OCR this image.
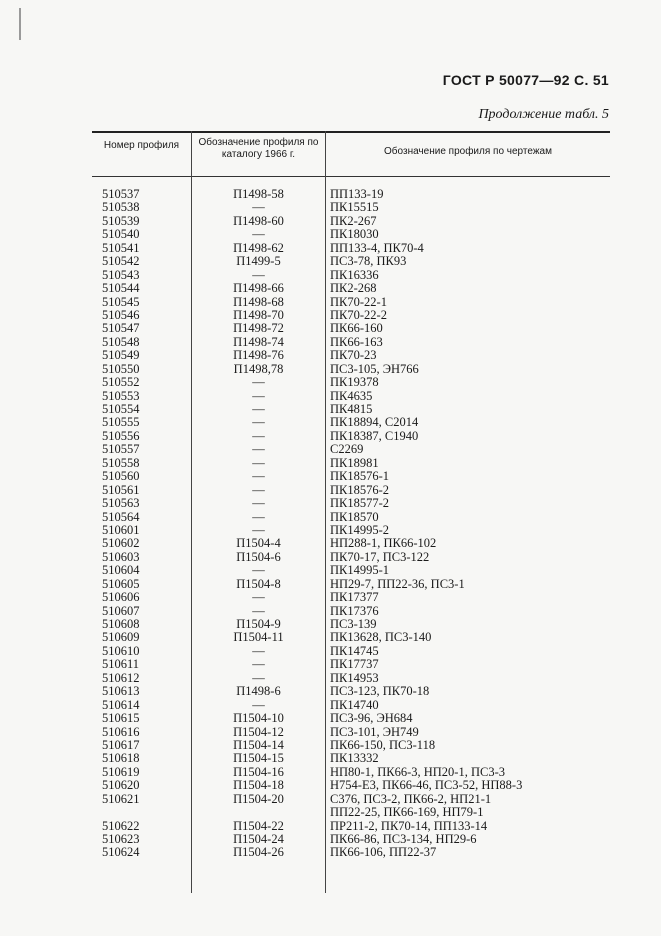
ГОСТ Р 50077—92 С. 51
Продолжение табл. 5
Номер профиля	Обозначение профиля по каталогу 1966 г.	Обозначение профиля по чертежам
510537	П1498-58	ПП133-19
510538	—	ПК15515
510539	П1498-60	ПК2-267
510540	—	ПК18030
510541	П1498-62	ПП133-4, ПК70-4
510542	П1499-5	ПС3-78, ПК93
510543	—	ПК16336
510544	П1498-66	ПК2-268
510545	П1498-68	ПК70-22-1
510546	П1498-70	ПК70-22-2
510547	П1498-72	ПК66-160
510548	П1498-74	ПК66-163
510549	П1498-76	ПК70-23
510550	П1498,78	ПС3-105, ЭН766
510552	—	ПК19378
510553	—	ПК4635
510554	—	ПК4815
510555	—	ПК18894, С2014
510556	—	ПК18387, С1940
510557	—	С2269
510558	—	ПК18981
510560	—	ПК18576-1
510561	—	ПК18576-2
510563	—	ПК18577-2
510564	—	ПК18570
510601	—	ПК14995-2
510602	П1504-4	НП288-1, ПК66-102
510603	П1504-6	ПК70-17, ПС3-122
510604	—	ПК14995-1
510605	П1504-8	НП29-7, ПП22-36, ПС3-1
510606	—	ПК17377
510607	—	ПК17376
510608	П1504-9	ПС3-139
510609	П1504-11	ПК13628, ПС3-140
510610	—	ПК14745
510611	—	ПК17737
510612	—	ПК14953
510613	П1498-6	ПС3-123, ПК70-18
510614	—	ПК14740
510615	П1504-10	ПС3-96, ЭН684
510616	П1504-12	ПС3-101, ЭН749
510617	П1504-14	ПК66-150, ПС3-118
510618	П1504-15	ПК13332
510619	П1504-16	НП80-1, ПК66-3, НП20-1, ПС3-3
510620	П1504-18	Н754-Е3, ПК66-46, ПС3-52, НП88-3
510621	П1504-20	С376, ПС3-2, ПК66-2, НП21-1
ПП22-25, ПК66-169, НП79-1
510622	П1504-22	ПР211-2, ПК70-14, ПП133-14
510623	П1504-24	ПК66-86, ПС3-134, НП29-6
510624	П1504-26	ПК66-106, ПП22-37
